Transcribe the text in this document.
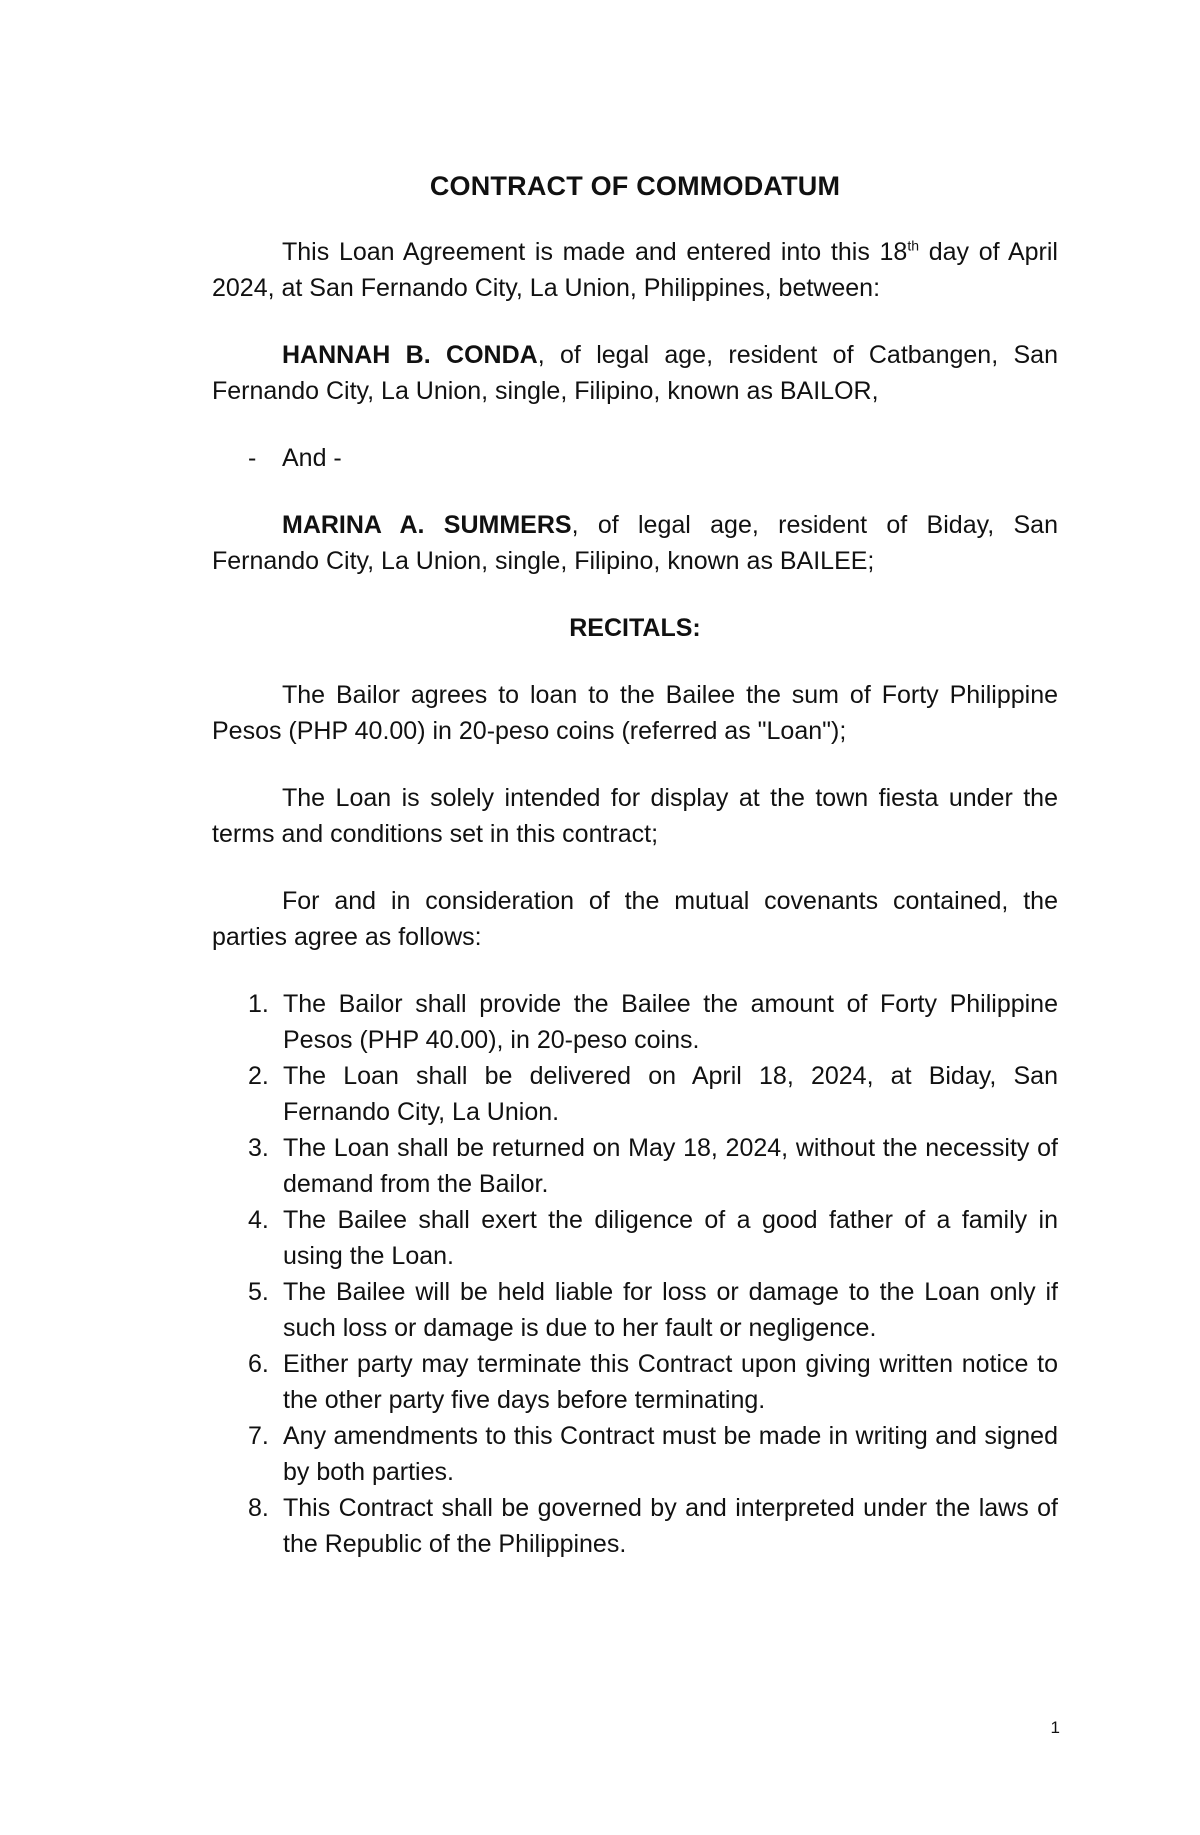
CONTRACT OF COMMODATUM

This Loan Agreement is made and entered into this 18th day of April 2024, at San Fernando City, La Union, Philippines, between:

HANNAH B. CONDA, of legal age, resident of Catbangen, San Fernando City, La Union, single, Filipino, known as BAILOR,

- And -

MARINA A. SUMMERS, of legal age, resident of Biday, San Fernando City, La Union, single, Filipino, known as BAILEE;

RECITALS:

The Bailor agrees to loan to the Bailee the sum of Forty Philippine Pesos (PHP 40.00) in 20-peso coins (referred as "Loan");

The Loan is solely intended for display at the town fiesta under the terms and conditions set in this contract;

For and in consideration of the mutual covenants contained, the parties agree as follows:

1. The Bailor shall provide the Bailee the amount of Forty Philippine Pesos (PHP 40.00), in 20-peso coins.
2. The Loan shall be delivered on April 18, 2024, at Biday, San Fernando City, La Union.
3. The Loan shall be returned on May 18, 2024, without the necessity of demand from the Bailor.
4. The Bailee shall exert the diligence of a good father of a family in using the Loan.
5. The Bailee will be held liable for loss or damage to the Loan only if such loss or damage is due to her fault or negligence.
6. Either party may terminate this Contract upon giving written notice to the other party five days before terminating.
7. Any amendments to this Contract must be made in writing and signed by both parties.
8. This Contract shall be governed by and interpreted under the laws of the Republic of the Philippines.
1
